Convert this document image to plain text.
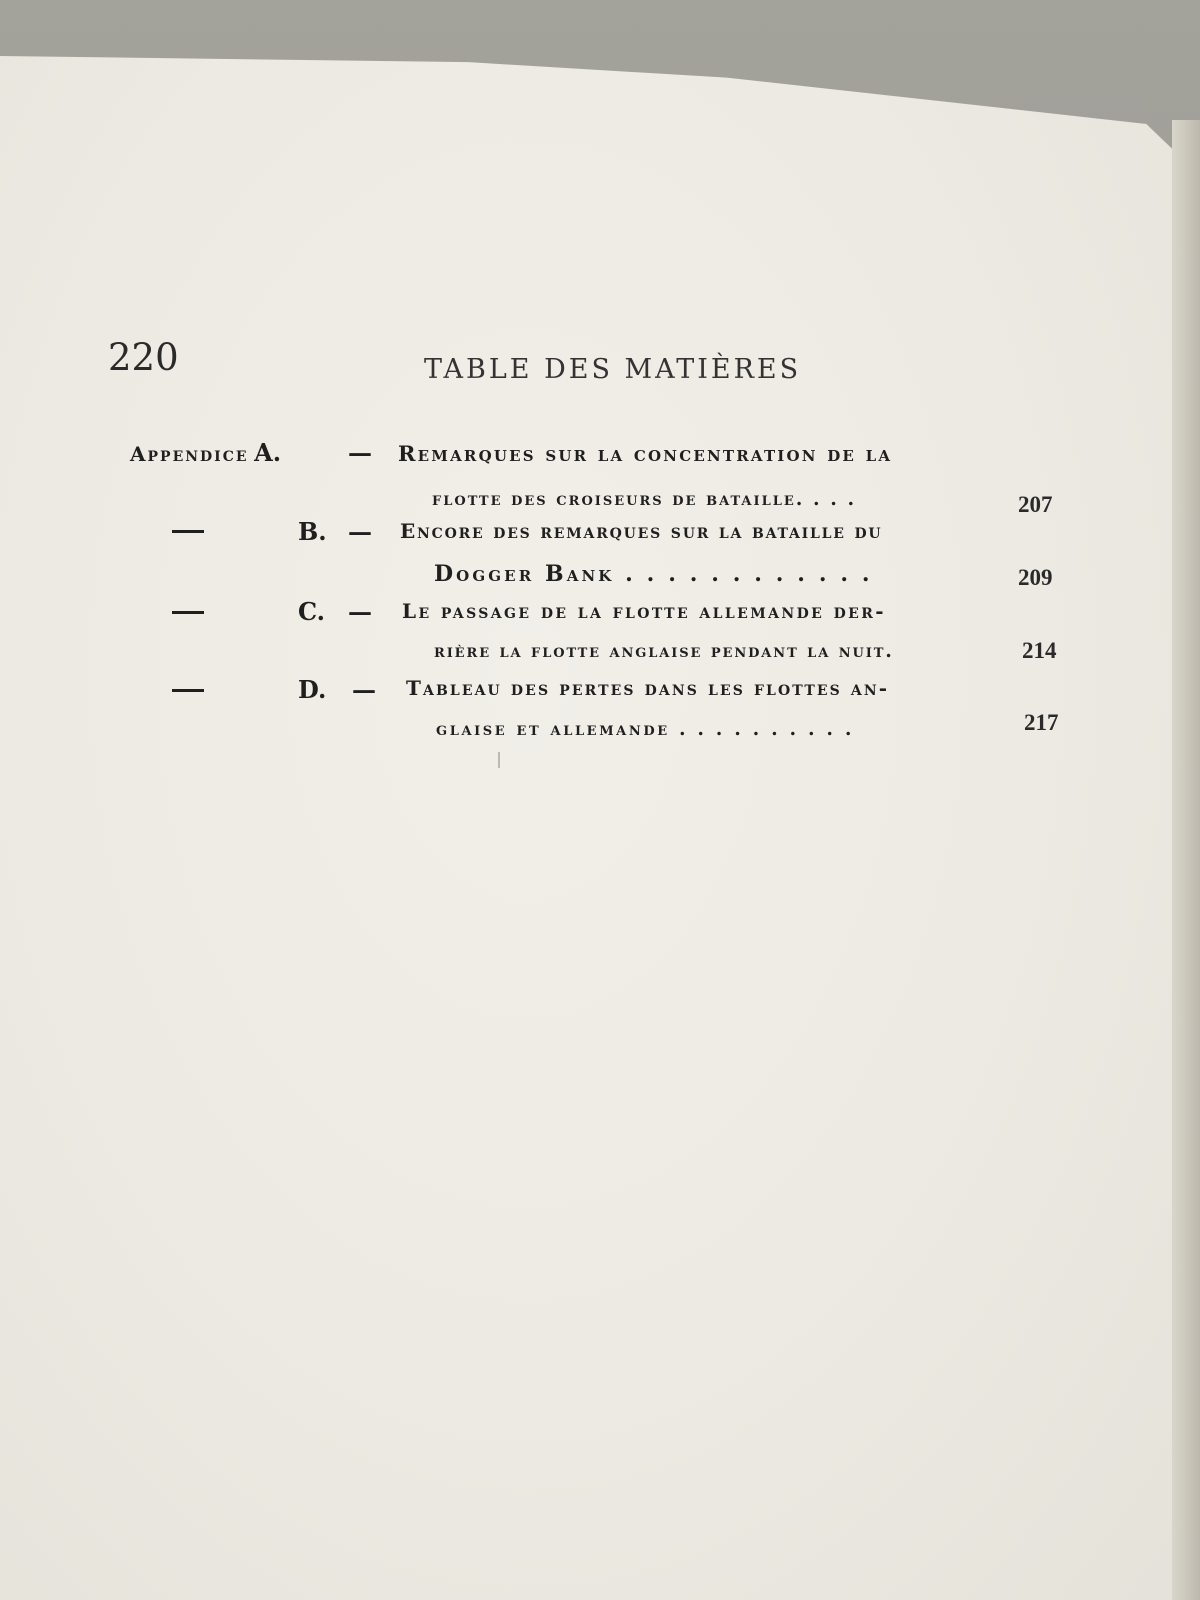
220	TABLE DES MATIÈRES
Appendice A.	— Remarques sur la concentration de la
flotte des croiseurs de bataille. . . .	207
B. — Encore des remarques sur la bataille du
Dogger Bank . . . . . . . . . . . .	209
C. — Le passage de la flotte allemande der-
rière la flotte anglaise pendant la nuit.	214
D. — Tableau des pertes dans les flottes an-
glaise et allemande . . . . . . . . . .	217
